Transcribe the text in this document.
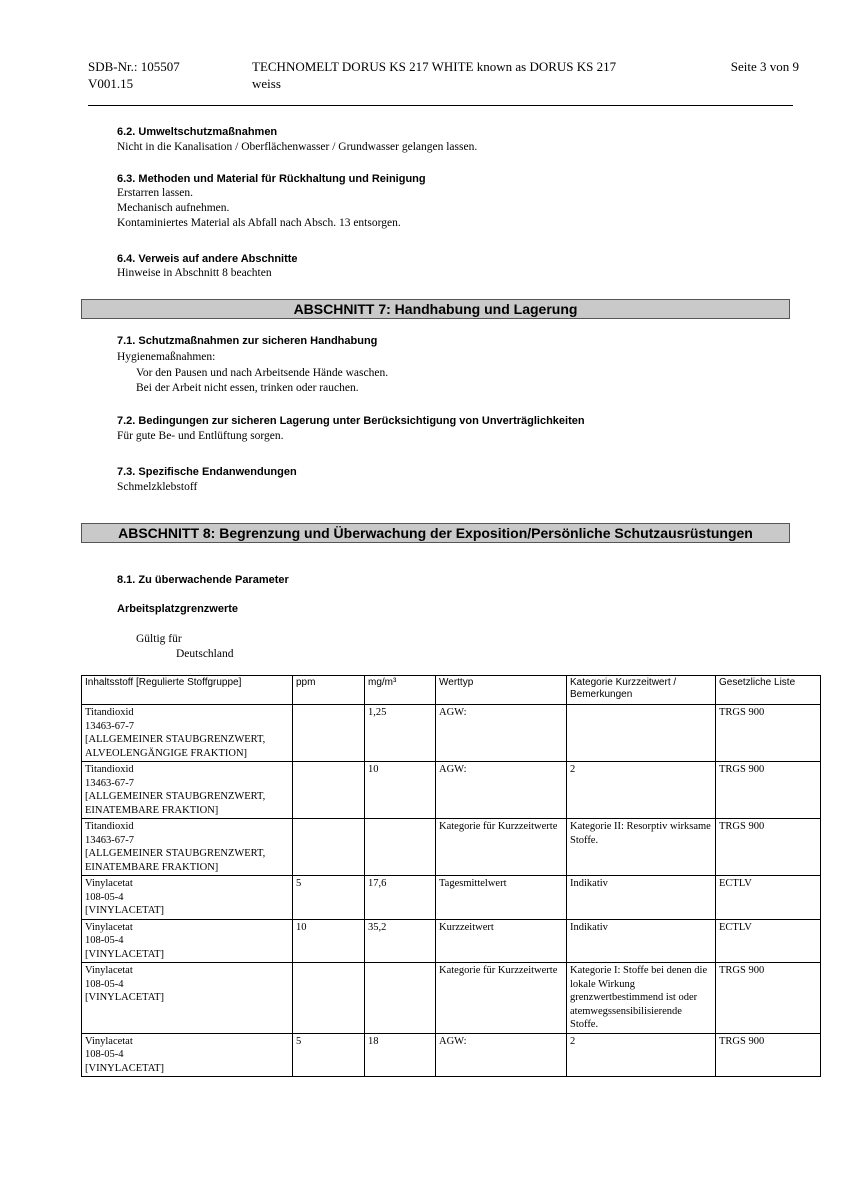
SDB-Nr.: 105507
V001.15
TECHNOMELT DORUS KS 217 WHITE known as DORUS KS 217
weiss
Seite 3 von 9
6.2. Umweltschutzmaßnahmen
Nicht in die Kanalisation / Oberflächenwasser / Grundwasser gelangen lassen.
6.3. Methoden und Material für Rückhaltung und Reinigung
Erstarren lassen.
Mechanisch aufnehmen.
Kontaminiertes Material als Abfall nach Absch. 13 entsorgen.
6.4. Verweis auf andere Abschnitte
Hinweise in Abschnitt 8 beachten
ABSCHNITT 7: Handhabung und Lagerung
7.1. Schutzmaßnahmen zur sicheren Handhabung
Hygienemaßnahmen:
Vor den Pausen und nach Arbeitsende Hände waschen.
Bei der Arbeit nicht essen, trinken oder rauchen.
7.2. Bedingungen zur sicheren Lagerung unter Berücksichtigung von Unverträglichkeiten
Für gute Be- und Entlüftung sorgen.
7.3. Spezifische Endanwendungen
Schmelzklebstoff
ABSCHNITT 8: Begrenzung und Überwachung der Exposition/Persönliche Schutzausrüstungen
8.1. Zu überwachende Parameter
Arbeitsplatzgrenzwerte
Gültig für
Deutschland
Inhaltsstoff [Regulierte Stoffgruppe]	ppm	mg/m³	Werttyp	Kategorie Kurzzeitwert / Bemerkungen	Gesetzliche Liste
Titandioxid
13463-67-7
[ALLGEMEINER STAUBGRENZWERT, ALVEOLENGÄNGIGE FRAKTION]		1,25	AGW:		TRGS 900
Titandioxid
13463-67-7
[ALLGEMEINER STAUBGRENZWERT, EINATEMBARE FRAKTION]		10	AGW:	2	TRGS 900
Titandioxid
13463-67-7
[ALLGEMEINER STAUBGRENZWERT, EINATEMBARE FRAKTION]			Kategorie für Kurzzeitwerte	Kategorie II: Resorptiv wirksame Stoffe.	TRGS 900
Vinylacetat
108-05-4
[VINYLACETAT]	5	17,6	Tagesmittelwert	Indikativ	ECTLV
Vinylacetat
108-05-4
[VINYLACETAT]	10	35,2	Kurzzeitwert	Indikativ	ECTLV
Vinylacetat
108-05-4
[VINYLACETAT]			Kategorie für Kurzzeitwerte	Kategorie I: Stoffe bei denen die lokale Wirkung grenzwertbestimmend ist oder atemwegssensibilisierende Stoffe.	TRGS 900
Vinylacetat
108-05-4
[VINYLACETAT]	5	18	AGW:	2	TRGS 900
